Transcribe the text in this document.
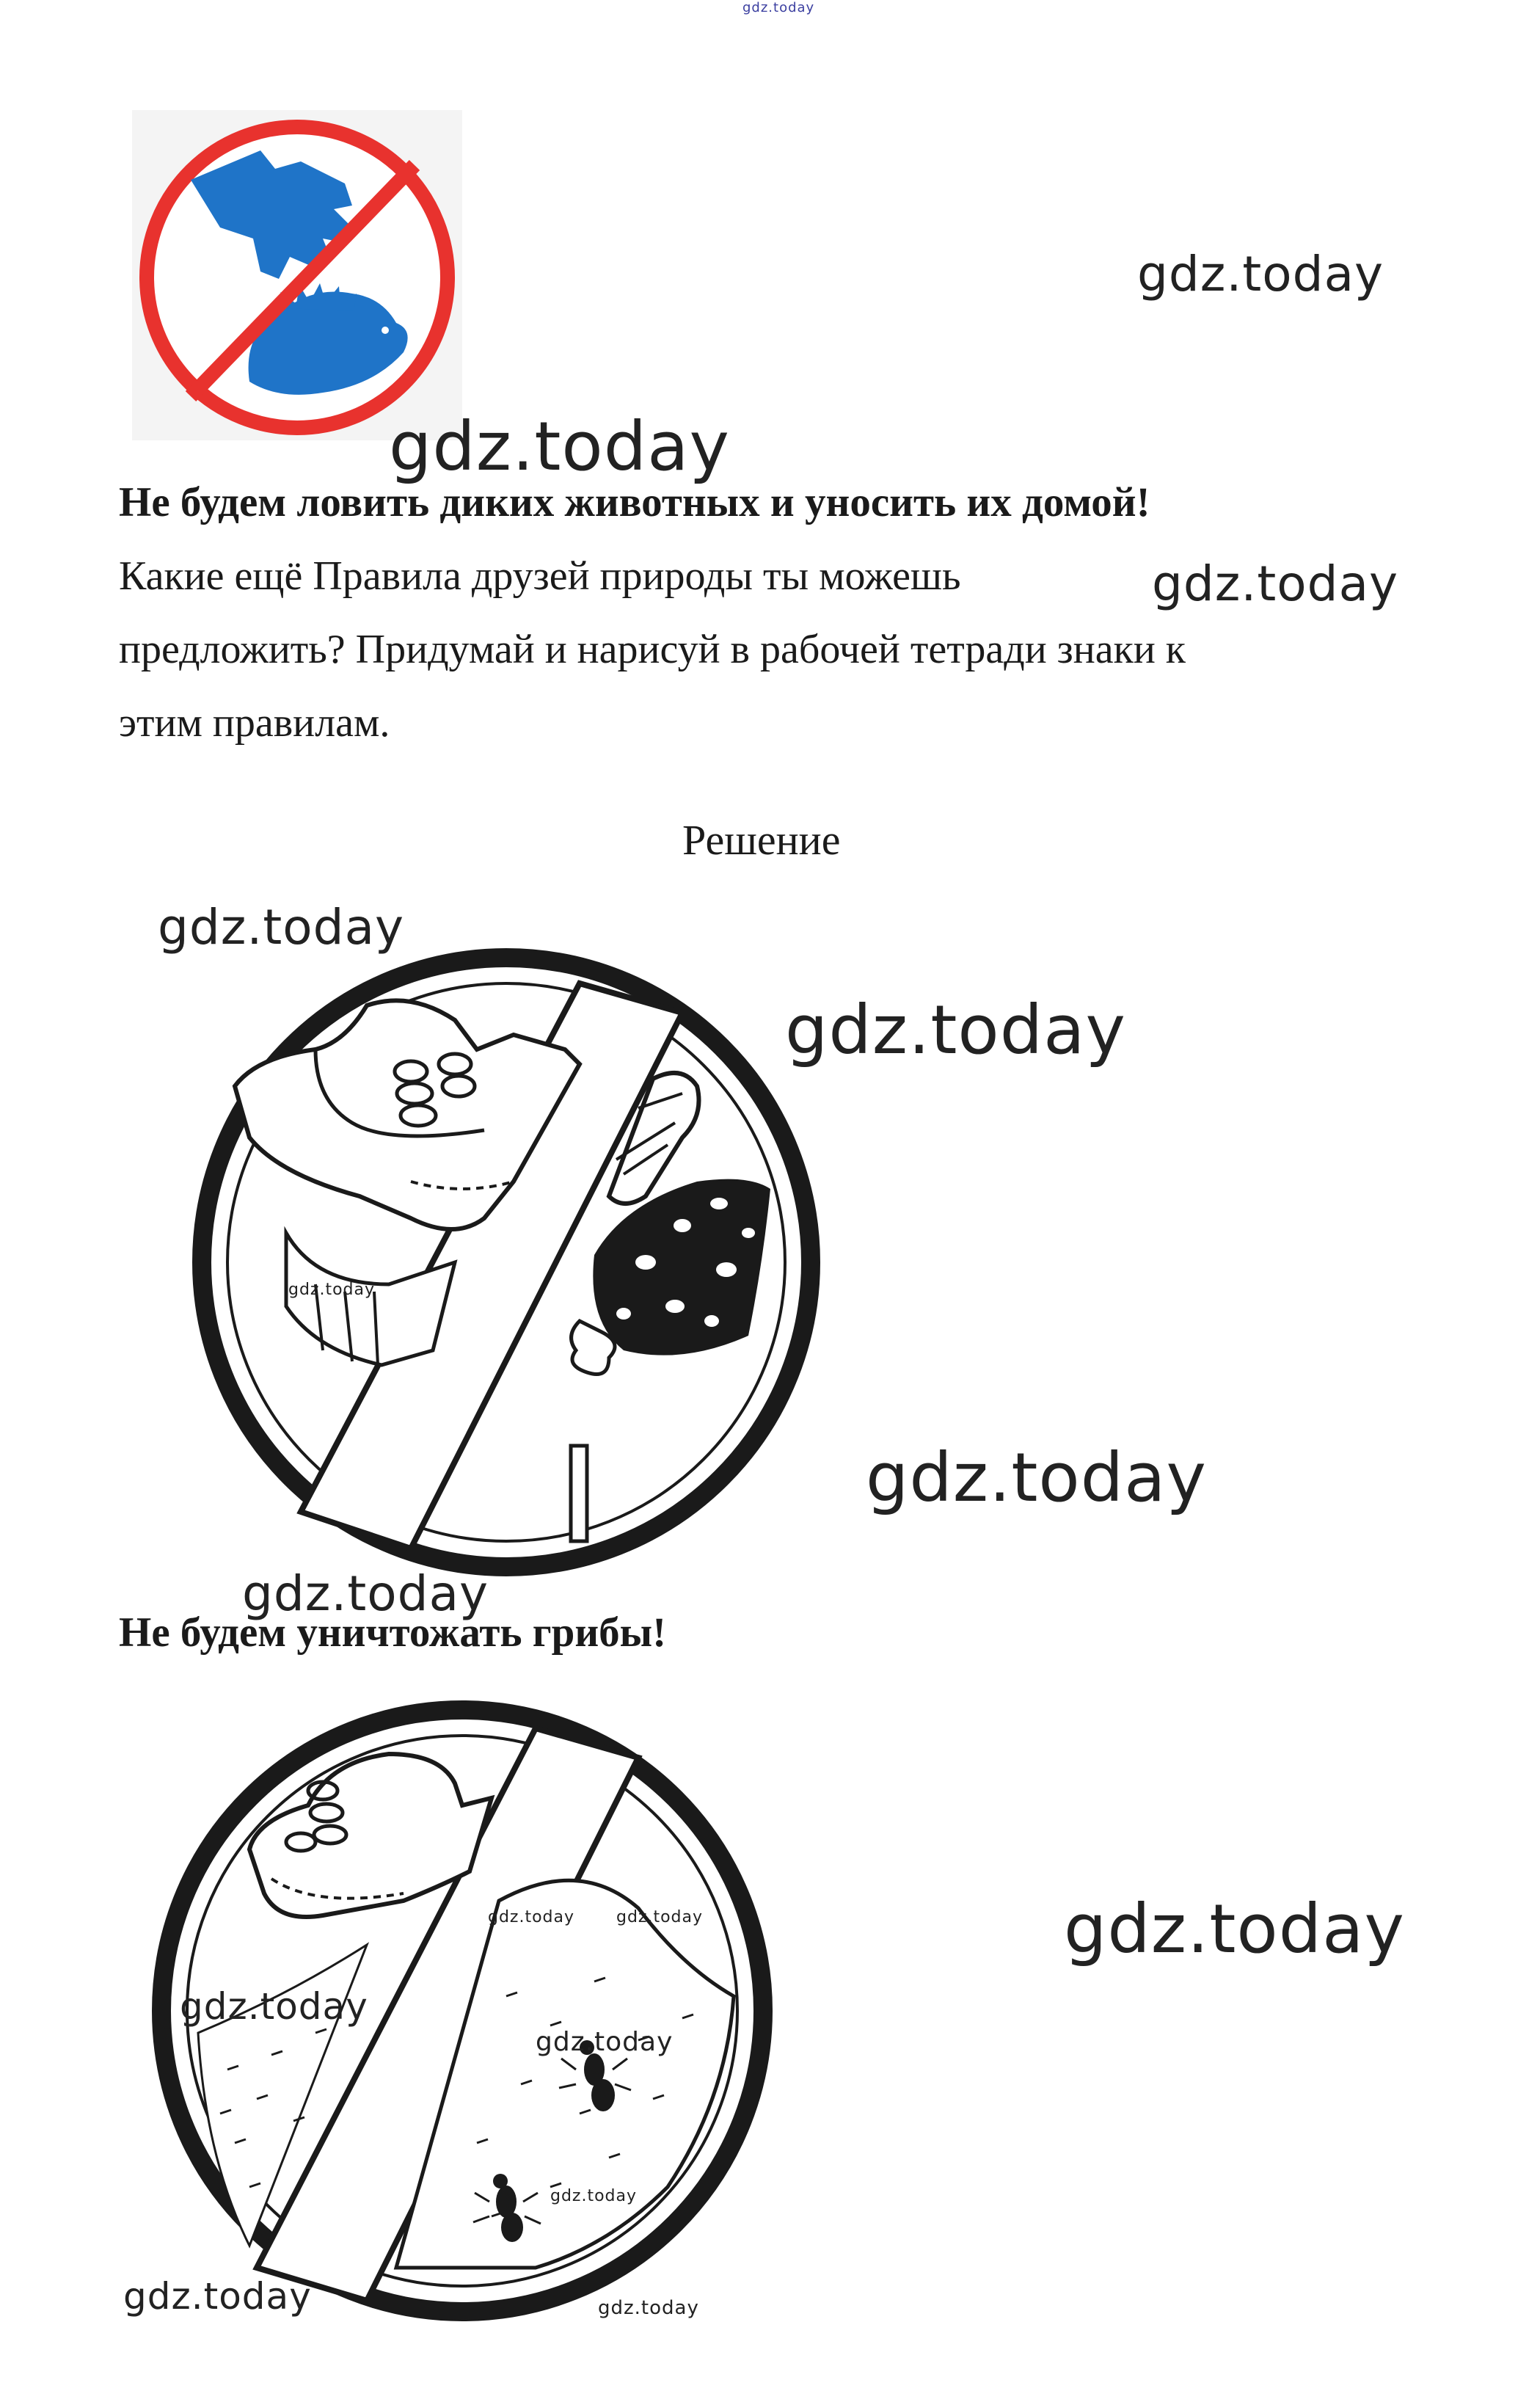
gdz.today
gdz.today
gdz.today
Не будем ловить диких животных и уносить их домой!
Какие ещё Правила друзей природы ты можешь	gdz.today
предложить? Придумай и нарисуй в рабочей тетради знаки к
этим правилам.
Решение
gdz.today
gdz.today
gdz.today
gdz.today
gdz.today
Не будем уничтожать грибы!
gdz.today	gdz.today	gdz.today
gdz.today
gdz.today
gdz.today
gdz.today	gdz.today
